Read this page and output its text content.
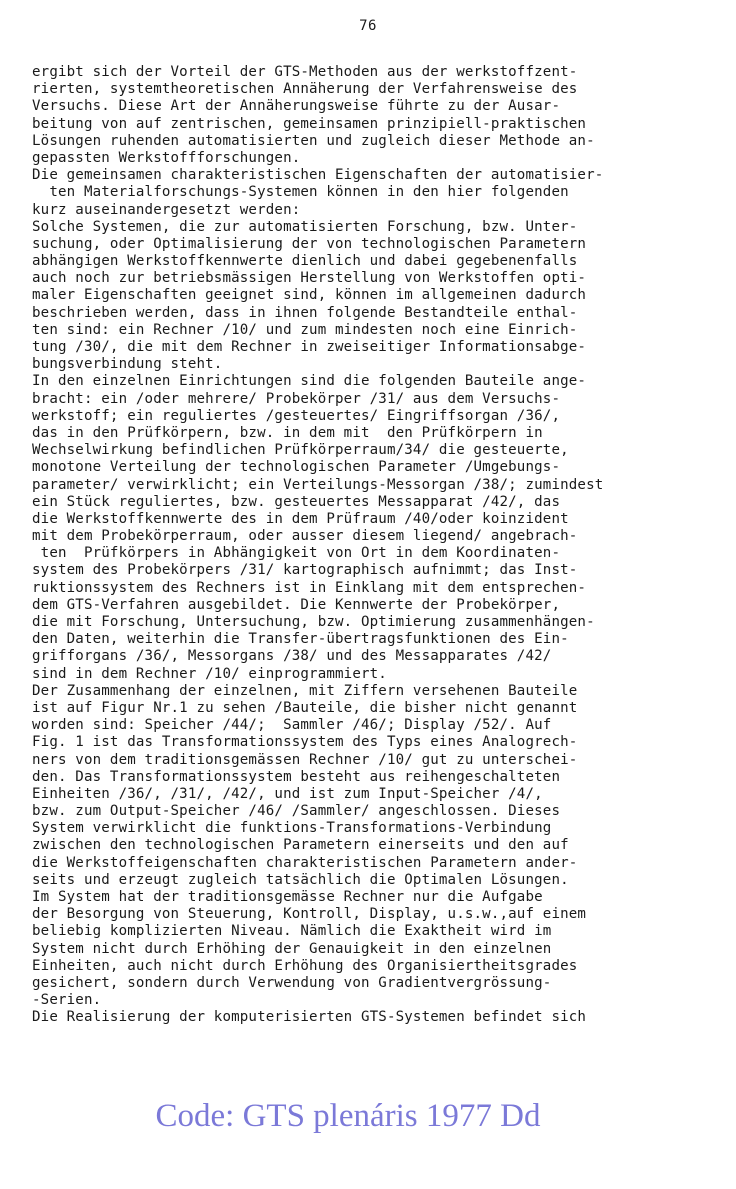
76
ergibt sich der Vorteil der GTS-Methoden aus der werkstoffzent-
rierten, systemtheoretischen Annäherung der Verfahrensweise des
Versuchs. Diese Art der Annäherungsweise führte zu der Ausar-
beitung von auf zentrischen, gemeinsamen prinzipiell-praktischen
Lösungen ruhenden automatisierten und zugleich dieser Methode an-
gepassten Werkstoffforschungen.
Die gemeinsamen charakteristischen Eigenschaften der automatisier-
ten Materialforschungs-Systemen können in den hier folgenden
kurz auseinandergesetzt werden:
Solche Systemen, die zur automatisierten Forschung, bzw. Unter-
suchung, oder Optimalisierung der von technologischen Parametern
abhängigen Werkstoffkennwerte dienlich und dabei gegebenenfalls
auch noch zur betriebsmässigen Herstellung von Werkstoffen opti-
maler Eigenschaften geeignet sind, können im allgemeinen dadurch
beschrieben werden, dass in ihnen folgende Bestandteile enthal-
ten sind: ein Rechner /10/ und zum mindesten noch eine Einrich-
tung /30/, die mit dem Rechner in zweiseitiger Informationsabge-
bungsverbindung steht.
In den einzelnen Einrichtungen sind die folgenden Bauteile ange-
bracht: ein /oder mehrere/ Probekörper /31/ aus dem Versuchs-
werkstoff; ein reguliertes /gesteuertes/ Eingriffsorgan /36/,
das in den Prüfkörpern, bzw. in dem mit  den Prüfkörpern in
Wechselwirkung befindlichen Prüfkörperraum/34/ die gesteuerte,
monotone Verteilung der technologischen Parameter /Umgebungs-
parameter/ verwirklicht; ein Verteilungs-Messorgan /38/; zumindest
ein Stück reguliertes, bzw. gesteuertes Messapparat /42/, das
die Werkstoffkennwerte des in dem Prüfraum /40/oder koinzident
mit dem Probekörperraum, oder ausser diesem liegend/ angebrach-
ten  Prüfkörpers in Abhängigkeit von Ort in dem Koordinaten-
system des Probekörpers /31/ kartographisch aufnimmt; das Inst-
ruktionssystem des Rechners ist in Einklang mit dem entsprechen-
dem GTS-Verfahren ausgebildet. Die Kennwerte der Probekörper,
die mit Forschung, Untersuchung, bzw. Optimierung zusammenhängen-
den Daten, weiterhin die Transfer-übertragsfunktionen des Ein-
grifforgans /36/, Messorgans /38/ und des Messapparates /42/
sind in dem Rechner /10/ einprogrammiert.
Der Zusammenhang der einzelnen, mit Ziffern versehenen Bauteile
ist auf Figur Nr.1 zu sehen /Bauteile, die bisher nicht genannt
worden sind: Speicher /44/;  Sammler /46/; Display /52/. Auf
Fig. 1 ist das Transformationssystem des Typs eines Analogrech-
ners von dem traditionsgemässen Rechner /10/ gut zu unterschei-
den. Das Transformationssystem besteht aus reihengeschalteten
Einheiten /36/, /31/, /42/, und ist zum Input-Speicher /4/,
bzw. zum Output-Speicher /46/ /Sammler/ angeschlossen. Dieses
System verwirklicht die funktions-Transformations-Verbindung
zwischen den technologischen Parametern einerseits und den auf
die Werkstoffeigenschaften charakteristischen Parametern ander-
seits und erzeugt zugleich tatsächlich die Optimalen Lösungen.
Im System hat der traditionsgemässe Rechner nur die Aufgabe
der Besorgung von Steuerung, Kontroll, Display, u.s.w.,auf einem
beliebig komplizierten Niveau. Nämlich die Exaktheit wird im
System nicht durch Erhöhing der Genauigkeit in den einzelnen
Einheiten, auch nicht durch Erhöhung des Organisiertheitsgrades
gesichert, sondern durch Verwendung von Gradientvergrössung-
-Serien.
Die Realisierung der komputerisierten GTS-Systemen befindet sich
Code: GTS plenáris 1977 Dd
